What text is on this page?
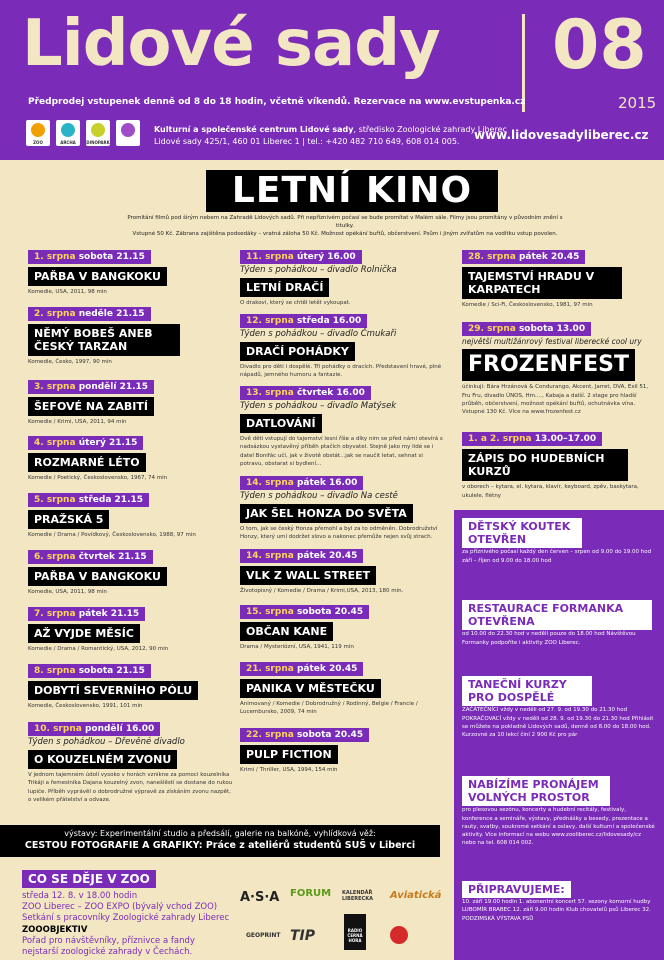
Lidové sady 08
2015
Předprodej vstupenek denně od 8 do 18 hodin, včetně víkendů. Rezervace na www.evstupenka.cz
ZOO	ARCHA	DINOPARK
Kulturní a společenské centrum Lidové sady, středisko Zoologické zahrady Liberec
Lidové sady 425/1, 460 01 Liberec 1 | tel.: +420 482 710 649, 608 014 005.	www.lidovesadyliberec.cz
LETNÍ KINO
Promítání filmů pod širým nebem na Zahradě Lidových sadů. Při nepříznivém počasí se bude promítat v Malém sále. Filmy jsou promítány v původním znění s titulky.
Vstupné 50 Kč. Zábrana zajištěna podsedáky – vratná záloha 50 Kč. Možnost opékání buřtů, občerstvení. Psům i jiným zvířatům na vodítku vstup povolen.
1. srpna sobota 21.15
PAŘBA V BANGKOKU
Komedie, USA, 2011, 98 min
2. srpna neděle 21.15
NĚMÝ BOBEŠ ANEB ČESKÝ TARZAN
Komedie, Česko, 1997, 90 min
3. srpna pondělí 21.15
ŠEFOVÉ NA ZABITÍ
Komedie / Krimi, USA, 2011, 94 min
4. srpna úterý 21.15
ROZMARNÉ LÉTO
Komedie / Poetický, Československo, 1967, 74 min
5. srpna středa 21.15
PRAŽSKÁ 5
Komedie / Drama / Povídkový, Československo, 1988, 97 min
6. srpna čtvrtek 21.15
PAŘBA V BANGKOKU
Komedie, USA, 2011, 98 min
7. srpna pátek 21.15
AŽ VYJDE MĚSÍC
Komedie / Drama / Romantický, USA, 2012, 90 min
8. srpna sobota 21.15
DOBYTÍ SEVERNÍHO PÓLU
Komedie, Československo, 1991, 101 min
10. srpna pondělí 16.00
Týden s pohádkou – Dřevěné divadlo
O KOUZELNÉM ZVONU
V jednom tajemném údolí vysoko v horách vznikne za pomoci kouzelníka Trikáji a řemeslníka Dajana kouzelný zvon, nanešlěstí se dostane do rukou lupiče. Příběh vyprávěl o dobrodružné výpravě za získáním zvonu nazpět, o velikém přátelství a odvaze.
11. srpna úterý 16.00
Týden s pohádkou – divadlo Rolnička
LETNÍ DRAČÍ
O drakovi, který se chtěl letět vykoupat.
12. srpna středa 16.00
Týden s pohádkou – divadlo Čmukaři
DRAČÍ POHÁDKY
Divadlo pro děti i dospělé. Tři pohádky o dracích. Představení hravé, plné nápadů, jemného humoru a fantazie.
13. srpna čtvrtek 16.00
Týden s pohádkou – divadlo Matýsek
DATLOVÁNÍ
Dvě děti vstupují do tajemství lesní říše a díky nim se před námi otevírá s nadsázkou vystavěný příběh ptačích obyvatel. Stejně jako my lidé se i datel Bonifác učí, jak v životě obstát...jak se naučit letat, sehnat si potravu, obstarat si bydlení...
14. srpna pátek 16.00
Týden s pohádkou – divadlo Na cestě
JAK ŠEL HONZA DO SVĚTA
O tom, jak se český Honza přemohl a byl za to odměněn. Dobrodružství Honzy, který umí dodržet slovo a nakonec přemůže nejen svůj strach.
14. srpna pátek 20.45
VLK Z WALL STREET
Životopisný / Komedie / Drama / Krimi,USA, 2013, 180 min.
15. srpna sobota 20.45
OBČAN KANE
Drama / Mysteriózní, USA, 1941, 119 min
21. srpna pátek 20.45
PANIKA V MĚSTEČKU
Animovaný / Komedie / Dobrodružný / Rodinný, Belgie / Francie / Lucembursko, 2009, 74 min
22. srpna sobota 20.45
PULP FICTION
Krimi / Thriller, USA, 1994, 154 min
28. srpna pátek 20.45
TAJEMSTVÍ HRADU V KARPATECH
Komedie / Sci-Fi, Československo, 1981, 97 min
29. srpna sobota 13.00
největší multižánrový festival liberecké cool ury
FROZENFEST
účinkují: Bára Hrzánová & Condurango, Akcent, Jarret, DVA, Exil 51, Fru Fru, divadlo ÚNOS, Hm...., Kabaja a další. 2 stage pro hladší průběh, občerstvení, možnost opékání buřtů, ochutnávka vína. Vstupné 130 Kč. Více na www.frozenfest.cz
1. a 2. srpna 13.00–17.00
ZÁPIS DO HUDEBNÍCH KURZŮ
v oborech – kytara, el. kytara, klavír, keyboard, zpěv, baskytara, ukulele, flétny
DĚTSKÝ KOUTEK OTEVŘEN
za příznivého počasí každý den červen – srpen od 9.00 do 19.00 hod září – říjen od 9.00 do 18.00 hod
RESTAURACE FORMANKA OTEVŘENA
od 10.00 do 22.30 hod v neděli pouze do 18.00 hod Návštěvou Formanky podpoříte i aktivity ZOO Liberec.
TANEČNÍ KURZY PRO DOSPĚLÉ
ZAČÁTEČNÍCI vždy v neděli od 27. 9. od 19.30 do 21.30 hod POKRAČOVACÍ vždy v neděli od 28. 9. od 19.30 do 21.30 hod Přihlásit se můžete na pokladně Lidových sadů, denně od 8.00 do 18.00 hod. Kurzovné za 10 lekcí činí 2 900 Kč pro pár
NABÍZÍME PRONÁJEM VOLNÝCH PROSTOR
pro plesovou sezónu, koncerty a hudební recitály, festivaly, konference a semináře, výstavy, přednášky a besedy, prezentace a rauty, svatby, soukromé setkání a oslavy, další kulturní a společenské aktivity. Více informací na webu www.zooliberec.cz/lidovesady/cz nebo na tel. 608 014 002.
PŘIPRAVUJEME:
10. září 19.00 hodin 1. abonentní koncert 57. sezony komorní hudby LUBOMÍR BRABEC 12. září 9.00 hodin Klub chovatelů psů Liberec 32. PODZIMSKÁ VÝSTAVA PSŮ
výstavy: Experimentální studio a předsálí, galerie na balkóně, vyhlídková věž:
CESTOU FOTOGRAFIE A GRAFIKY: Práce z ateliérů studentů SUŠ v Liberci
CO SE DĚJE V ZOO
středa 12. 8. v 18.00 hodin
ZOO Liberec – ZOO EXPO (bývalý vchod ZOO)
Setkání s pracovníky Zoologické zahrady Liberec
ZOOOBJEKTIV
Pořad pro návštěvníky, příznivce a fandy nejstarší zoologické zahrady v Čechách.
A·S·A FORUM KALENDÁŘ LIBERECKA	Aviatická
GEOPRINT TIP	RADIO ČERNÁ HORA
